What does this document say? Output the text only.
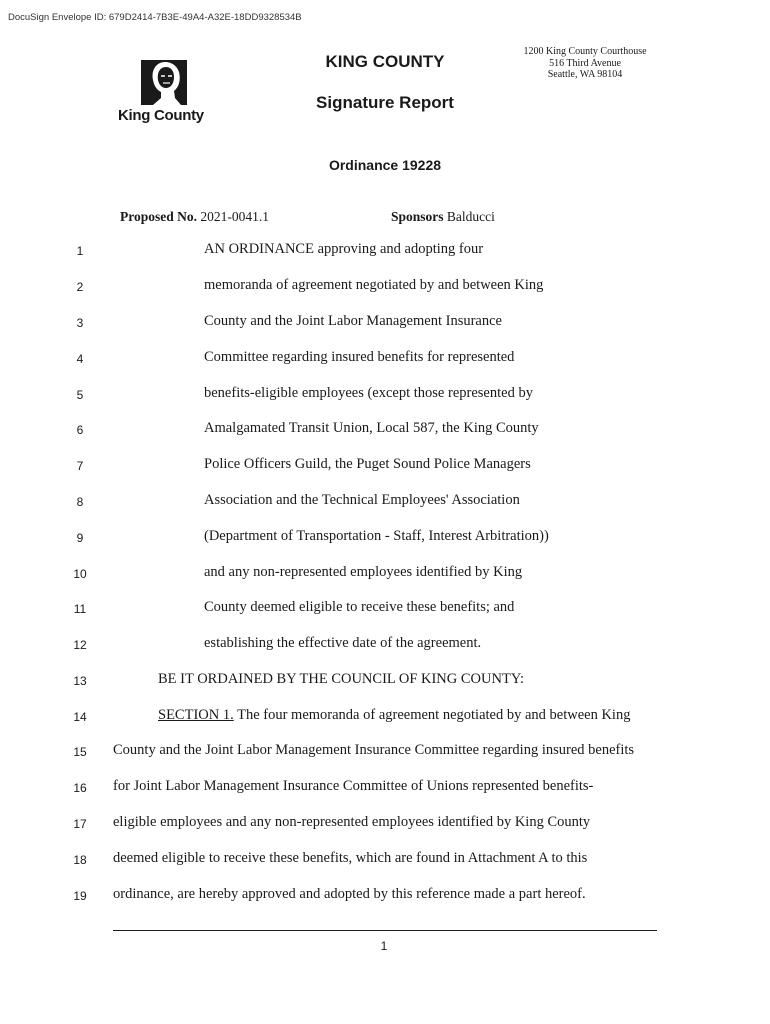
DocuSign Envelope ID: 679D2414-7B3E-49A4-A32E-18DD9328534B
King County
KING COUNTY
Signature Report
1200 King County Courthouse
516 Third Avenue
Seattle, WA 98104
Ordinance 19228
Proposed No. 2021-0041.1	Sponsors Balducci
1	AN ORDINANCE approving and adopting four
2	memoranda of agreement negotiated by and between King
3	County and the Joint Labor Management Insurance
4	Committee regarding insured benefits for represented
5	benefits-eligible employees (except those represented by
6	Amalgamated Transit Union, Local 587, the King County
7	Police Officers Guild, the Puget Sound Police Managers
8	Association and the Technical Employees' Association
9	(Department of Transportation - Staff, Interest Arbitration))
10	and any non-represented employees identified by King
11	County deemed eligible to receive these benefits; and
12	establishing the effective date of the agreement.
13	BE IT ORDAINED BY THE COUNCIL OF KING COUNTY:
14	SECTION 1. The four memoranda of agreement negotiated by and between King
15	County and the Joint Labor Management Insurance Committee regarding insured benefits
16	for Joint Labor Management Insurance Committee of Unions represented benefits-
17	eligible employees and any non-represented employees identified by King County
18	deemed eligible to receive these benefits, which are found in Attachment A to this
19	ordinance, are hereby approved and adopted by this reference made a part hereof.
1
